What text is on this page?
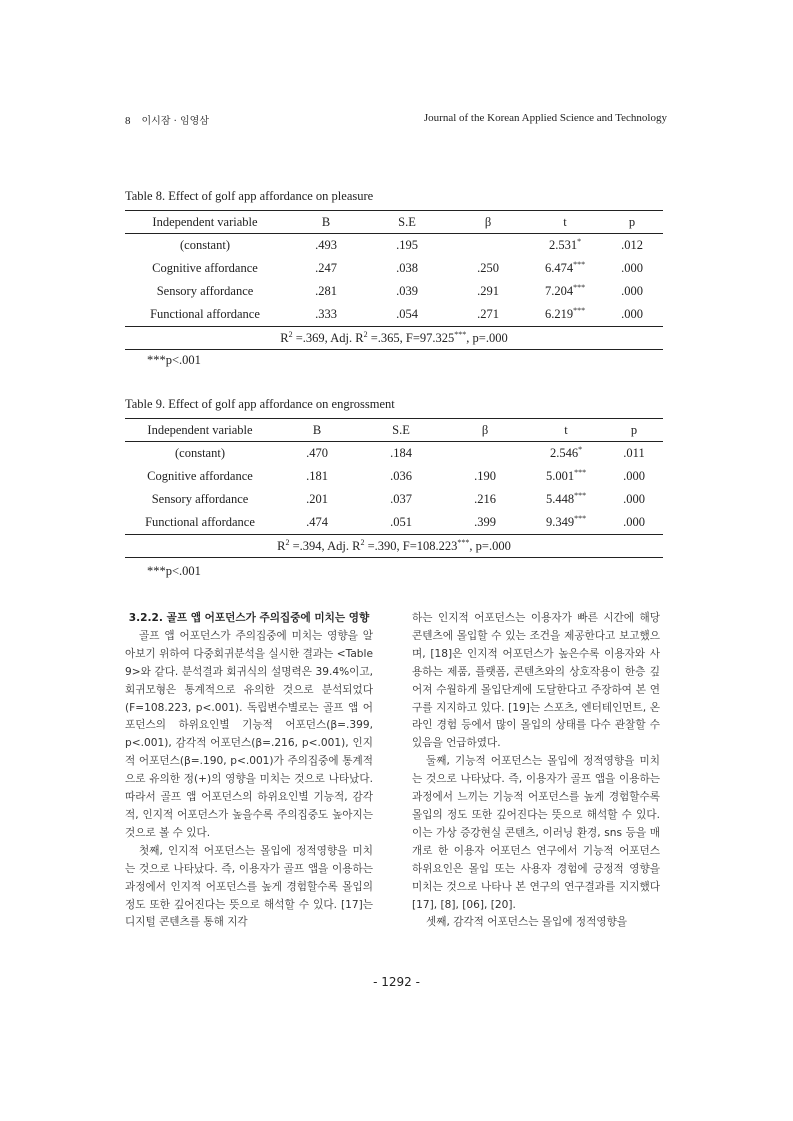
8 이시잠 · 임영삼	Journal of the Korean Applied Science and Technology
Table 8. Effect of golf app affordance on pleasure
Independent variable	B	S.E	β	t	p
(constant)	.493	.195		2.531*	.012
Cognitive affordance	.247	.038	.250	6.474***	.000
Sensory affordance	.281	.039	.291	7.204***	.000
Functional affordance	.333	.054	.271	6.219***	.000
$R^2 =.369$, Adj. $R^2 =.365$, F=97.325***, p=.000					
***p<.001
Table 9. Effect of golf app affordance on engrossment
Independent variable	B	S.E	β	t	p
(constant)	.470	.184		2.546*	.011
Cognitive affordance	.181	.036	.190	5.001***	.000
Sensory affordance	.201	.037	.216	5.448***	.000
Functional affordance	.474	.051	.399	9.349***	.000
$R^2 =.394$, Adj. $R^2 =.390$, F=108.223***, p=.000					
***p<.001

3.2.2. 골프 앱 어포던스가 주의집중에 미치는 영향

골프 앱 어포던스가 주의집중에 미치는 영향을 알아보기 위하여 다중회귀분석을 실시한 결과는 <Table 9>와 같다. 분석결과 회귀식의 설명력은 39.4%이고, 회귀모형은 통계적으로 유의한 것으로 분석되었다(F=108.223, p<.001). 독립변수별로는 골프 앱 어포던스의 하위요인별 기능적 어포던스(β=.399, p<.001), 감각적 어포던스(β=.216, p<.001), 인지적 어포던스(β=.190, p<.001)가 주의집중에 통계적으로 유의한 정(+)의 영향을 미치는 것으로 나타났다. 따라서 골프 앱 어포던스의 하위요인별 기능적, 감각적, 인지적 어포던스가 높을수록 주의집중도 높아지는 것으로 볼 수 있다.

첫째, 인지적 어포던스는 몰입에 정적영향을 미치는 것으로 나타났다. 즉, 이용자가 골프 앱을 이용하는 과정에서 인지적 어포던스를 높게 경험할수록 몰입의 정도 또한 깊어진다는 뜻으로 해석할 수 있다. [17]는 디지털 콘텐츠를 통해 지각

하는 인지적 어포던스는 이용자가 빠른 시간에 해당 콘텐츠에 몰입할 수 있는 조건을 제공한다고 보고했으며, [18]은 인지적 어포던스가 높은수록 이용자와 사용하는 제품, 플랫폼, 콘텐츠와의 상호작용이 한층 깊어져 수월하게 몰입단계에 도달한다고 주장하여 본 연구를 지지하고 있다. [19]는 스포츠, 엔터테인먼트, 온라인 경험 등에서 많이 몰입의 상태를 다수 관찰할 수 있음을 언급하였다.

둘째, 기능적 어포던스는 몰입에 정적영향을 미치는 것으로 나타났다. 즉, 이용자가 골프 앱을 이용하는 과정에서 느끼는 기능적 어포던스를 높게 경험할수록 몰입의 정도 또한 깊어진다는 뜻으로 해석할 수 있다. 이는 가상 증강현실 콘텐츠, 이러닝 환경, sns 등을 매개로 한 이용자 어포던스 연구에서 기능적 어포던스 하위요인은 몰입 또는 사용자 경험에 긍정적 영향을 미치는 것으로 나타나 본 연구의 연구결과를 지지했다[17], [8], [06], [20].

셋째, 감각적 어포던스는 몰입에 정적영향을

- 1292 -
